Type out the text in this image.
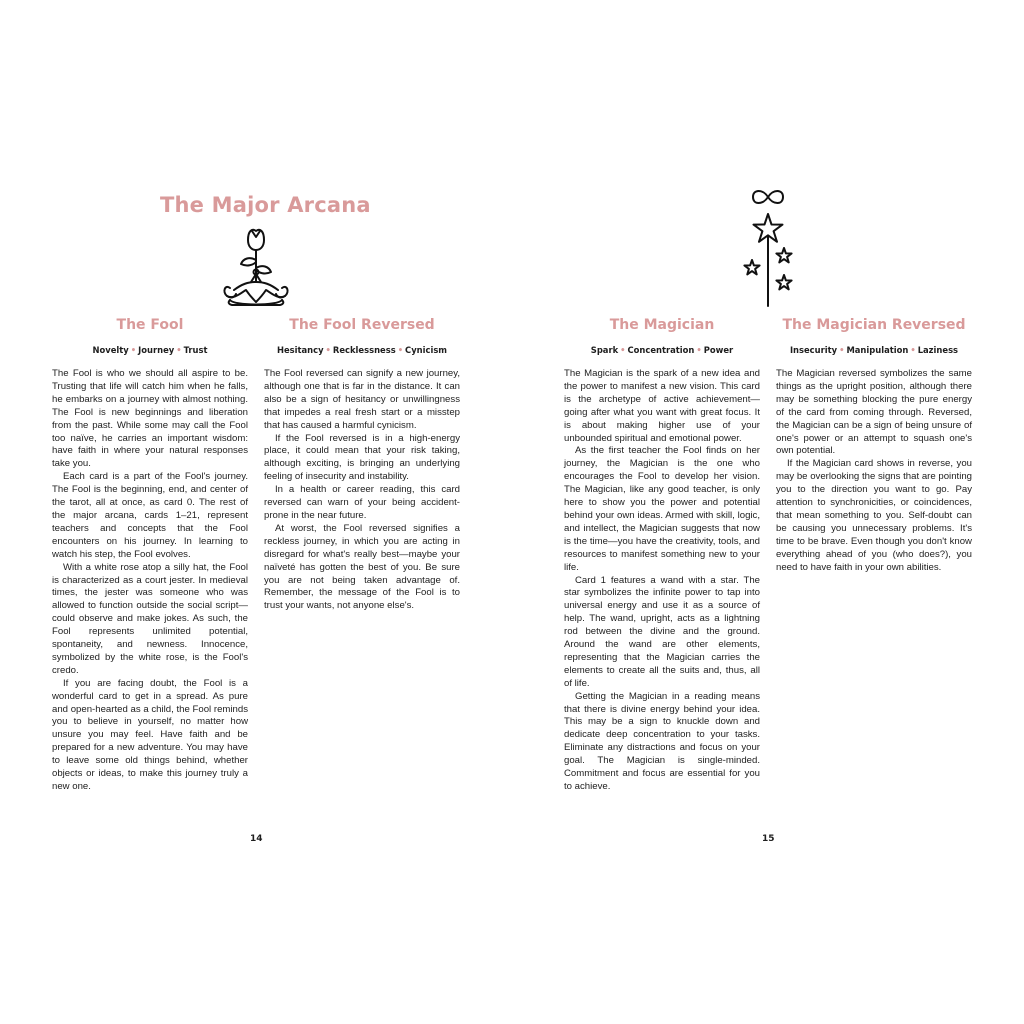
The Major Arcana
The Fool
Novelty • Journey • Trust

The Fool is who we should all aspire to be. Trusting that life will catch him when he falls, he embarks on a journey with almost nothing. The Fool is new beginnings and liberation from the past. While some may call the Fool too naïve, he carries an important wisdom: have faith in where your natural responses take you.

Each card is a part of the Fool's journey. The Fool is the beginning, end, and center of the tarot, all at once, as card 0. The rest of the major arcana, cards 1–21, represent teachers and concepts that the Fool encounters on his journey. In learning to watch his step, the Fool evolves.

With a white rose atop a silly hat, the Fool is characterized as a court jester. In medieval times, the jester was someone who was allowed to function outside the social script—could observe and make jokes. As such, the Fool represents unlimited potential, spontaneity, and newness. Innocence, symbolized by the white rose, is the Fool's credo.

If you are facing doubt, the Fool is a wonderful card to get in a spread. As pure and open-hearted as a child, the Fool reminds you to believe in yourself, no matter how unsure you may feel. Have faith and be prepared for a new adventure. You may have to leave some old things behind, whether objects or ideas, to make this journey truly a new one.

The Fool Reversed
Hesitancy • Recklessness • Cynicism

The Fool reversed can signify a new journey, although one that is far in the distance. It can also be a sign of hesitancy or unwillingness that impedes a real fresh start or a misstep that has caused a harmful cynicism.

If the Fool reversed is in a high-energy place, it could mean that your risk taking, although exciting, is bringing an underlying feeling of insecurity and instability.

In a health or career reading, this card reversed can warn of your being accident-prone in the near future.

At worst, the Fool reversed signifies a reckless journey, in which you are acting in disregard for what's really best—maybe your naïveté has gotten the best of you. Be sure you are not being taken advantage of. Remember, the message of the Fool is to trust your wants, not anyone else's.

14

The Magician
Spark • Concentration • Power

The Magician is the spark of a new idea and the power to manifest a new vision. This card is the archetype of active achievement—going after what you want with great focus. It is about making higher use of your unbounded spiritual and emotional power.

As the first teacher the Fool finds on her journey, the Magician is the one who encourages the Fool to develop her vision. The Magician, like any good teacher, is only here to show you the power and potential behind your own ideas. Armed with skill, logic, and intellect, the Magician suggests that now is the time—you have the creativity, tools, and resources to manifest something new to your life.

Card 1 features a wand with a star. The star symbolizes the infinite power to tap into universal energy and use it as a source of help. The wand, upright, acts as a lightning rod between the divine and the ground. Around the wand are other elements, representing that the Magician carries the elements to create all the suits and, thus, all of life.

Getting the Magician in a reading means that there is divine energy behind your idea. This may be a sign to knuckle down and dedicate deep concentration to your tasks. Eliminate any distractions and focus on your goal. The Magician is single-minded. Commitment and focus are essential for you to achieve.

The Magician Reversed
Insecurity • Manipulation • Laziness

The Magician reversed symbolizes the same things as the upright position, although there may be something blocking the pure energy of the card from coming through. Reversed, the Magician can be a sign of being unsure of one's power or an attempt to squash one's own potential.

If the Magician card shows in reverse, you may be overlooking the signs that are pointing you to the direction you want to go. Pay attention to synchronicities, or coincidences, that mean something to you. Self-doubt can be causing you unnecessary problems. It's time to be brave. Even though you don't know everything ahead of you (who does?), you need to have faith in your own abilities.

15
